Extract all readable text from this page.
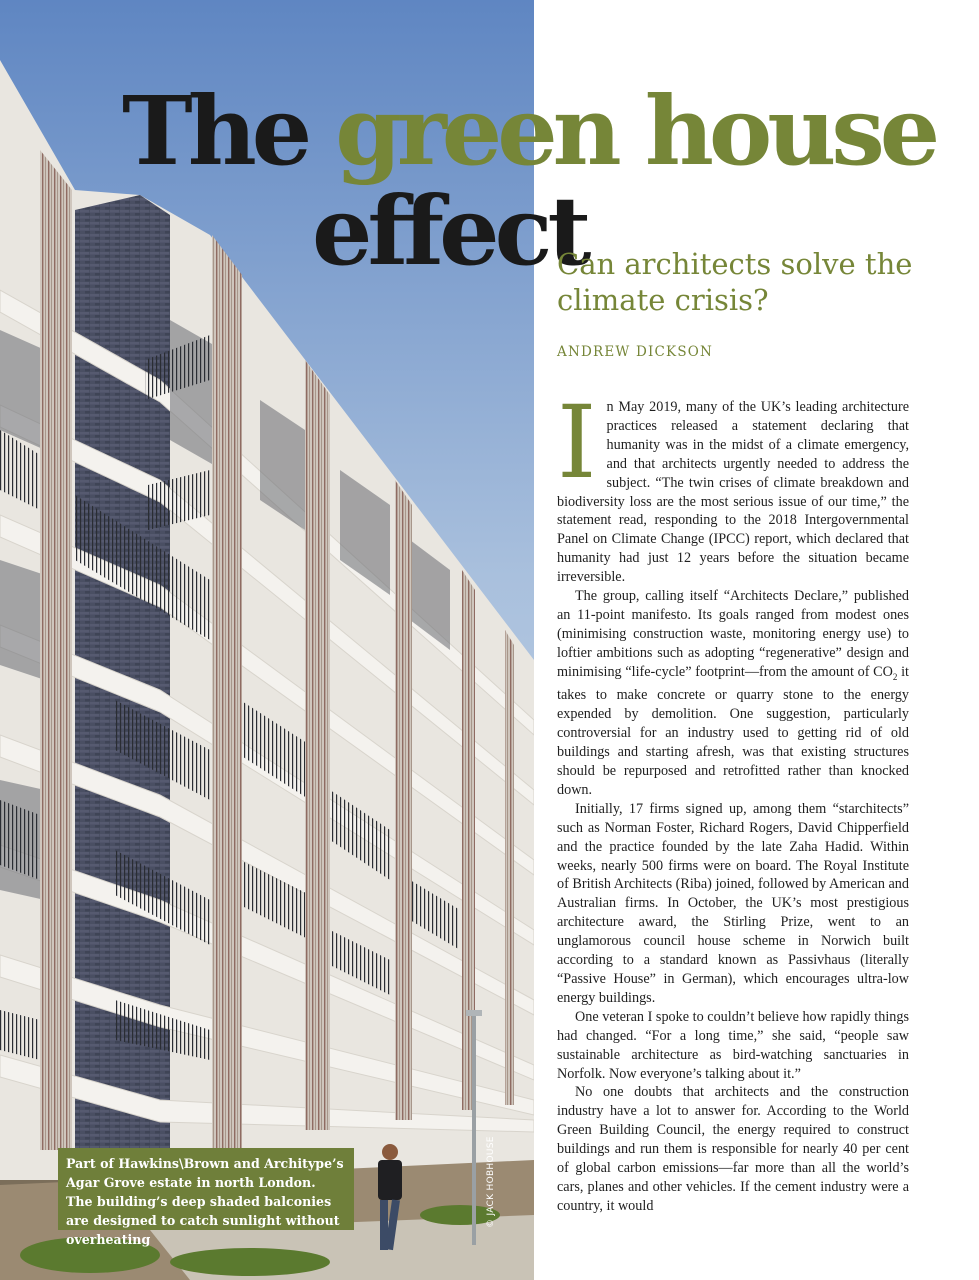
© JACK HOBHOUSE
Part of Hawkins\Brown and Architype’s Agar Grove estate in north London. The building’s deep shaded balconies are designed to catch sunlight without overheating
The green house
effect
Can architects solve the climate crisis?
ANDREW DICKSON

In May 2019, many of the UK’s leading architecture practices released a statement declaring that humanity was in the midst of a climate emergency, and that architects urgently needed to address the subject. “The twin crises of climate breakdown and biodiversity loss are the most serious issue of our time,” the statement read, responding to the 2018 Intergovernmental Panel on Climate Change (IPCC) report, which declared that humanity had just 12 years before the situation became irreversible.

The group, calling itself “Architects Declare,” published an 11-point manifesto. Its goals ranged from modest ones (minimising construction waste, monitoring energy use) to loftier ambitions such as adopting “regenerative” design and minimising “life-cycle” footprint—from the amount of $CO_2$ it takes to make concrete or quarry stone to the energy expended by demolition. One suggestion, particularly controversial for an industry used to getting rid of old buildings and starting afresh, was that existing structures should be repurposed and retrofitted rather than knocked down.

Initially, 17 firms signed up, among them “starchitects” such as Norman Foster, Richard Rogers, David Chipperfield and the practice founded by the late Zaha Hadid. Within weeks, nearly 500 firms were on board. The Royal Institute of British Architects (Riba) joined, followed by American and Australian firms. In October, the UK’s most prestigious architecture award, the Stirling Prize, went to an unglamorous council house scheme in Norwich built according to a standard known as Passivhaus (literally “Passive House” in German), which encourages ultra-low energy buildings.

One veteran I spoke to couldn’t believe how rapidly things had changed. “For a long time,” she said, “people saw sustainable architecture as bird-watching sanctuaries in Norfolk. Now everyone’s talking about it.”

No one doubts that architects and the construction industry have a lot to answer for. According to the World Green Building Council, the energy required to construct buildings and run them is responsible for nearly 40 per cent of global carbon emissions—far more than all the world’s cars, planes and other vehicles. If the cement industry were a country, it would
